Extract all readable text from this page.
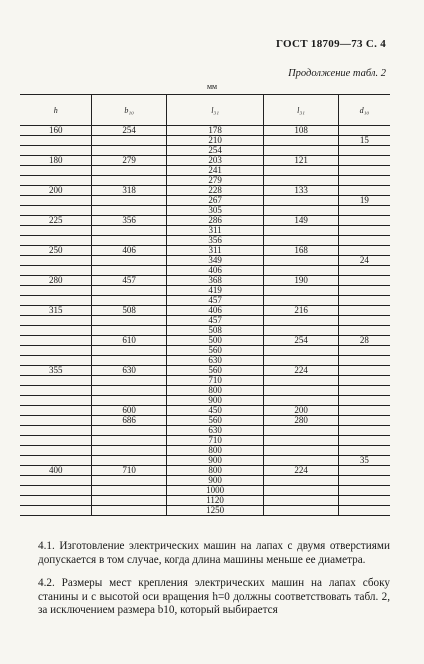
ГОСТ 18709—73 С. 4
Продолжение табл. 2
мм
h	b₁₀	l₃₁	l₃₁	d₁₀
160	254	178	108	
		210		15
		254		
180	279	203	121	
		241		
		279		
200	318	228	133	
		267		19
		305		
225	356	286	149	
		311		
		356		
250	406	311	168	
		349		24
		406		
280	457	368	190	
		419		
		457		
315	508	406	216	
		457		
		508		
	610	500	254	28
		560		
		630		
355	630	560	224	
		710		
		800		
		900		
	600	450	200	
	686	560	280	
		630		
		710		
		800		
		900		35
400	710	800	224	
		900		
		1000		
		1120		
		1250		
4.1. Изготовление электрических машин на лапах с двумя отверстиями допускается в том случае, когда длина машины меньше ее диаметра.
4.2. Размеры мест крепления электрических машин на лапах сбоку станины и с высотой оси вращения h=0 должны соответствовать табл. 2, за исключением размера b10, который выбирается
